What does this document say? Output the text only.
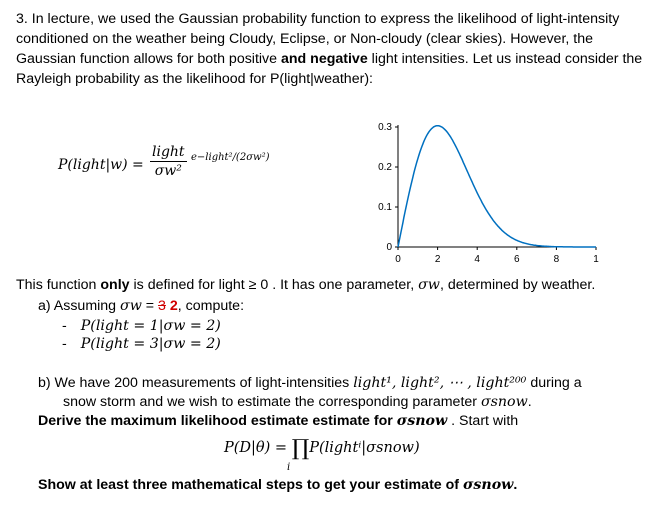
3. In lecture, we used the Gaussian probability function to express the likelihood of light-intensity conditioned on the weather being Cloudy, Eclipse, or Non-cloudy (clear skies). However, the Gaussian function allows for both positive and negative light intensities. Let us instead consider the Rayleigh probability as the likelihood for P(light|weather):
P(light|w) = $\frac{\text{light}}{\text{σw²}}$ e−light²/(2σw²)
0
0.1
0.2
0.3
0	2	4	6	8	1
This function only is defined for light ≥ 0 . It has one parameter, σw, determined by weather.
a) Assuming σw = 3 2, compute:
- P(light = 1|σw = 2)
- P(light = 3|σw = 2)
b) We have 200 measurements of light-intensities light¹, light², ⋯ , light²⁰⁰ during a
snow storm and we wish to estimate the corresponding parameter σsnow.
Derive the maximum likelihood estimate estimate for σsnow . Start with
P(D|θ) = ∏P(lightⁱ|σsnow)
i
Show at least three mathematical steps to get your estimate of σsnow.
